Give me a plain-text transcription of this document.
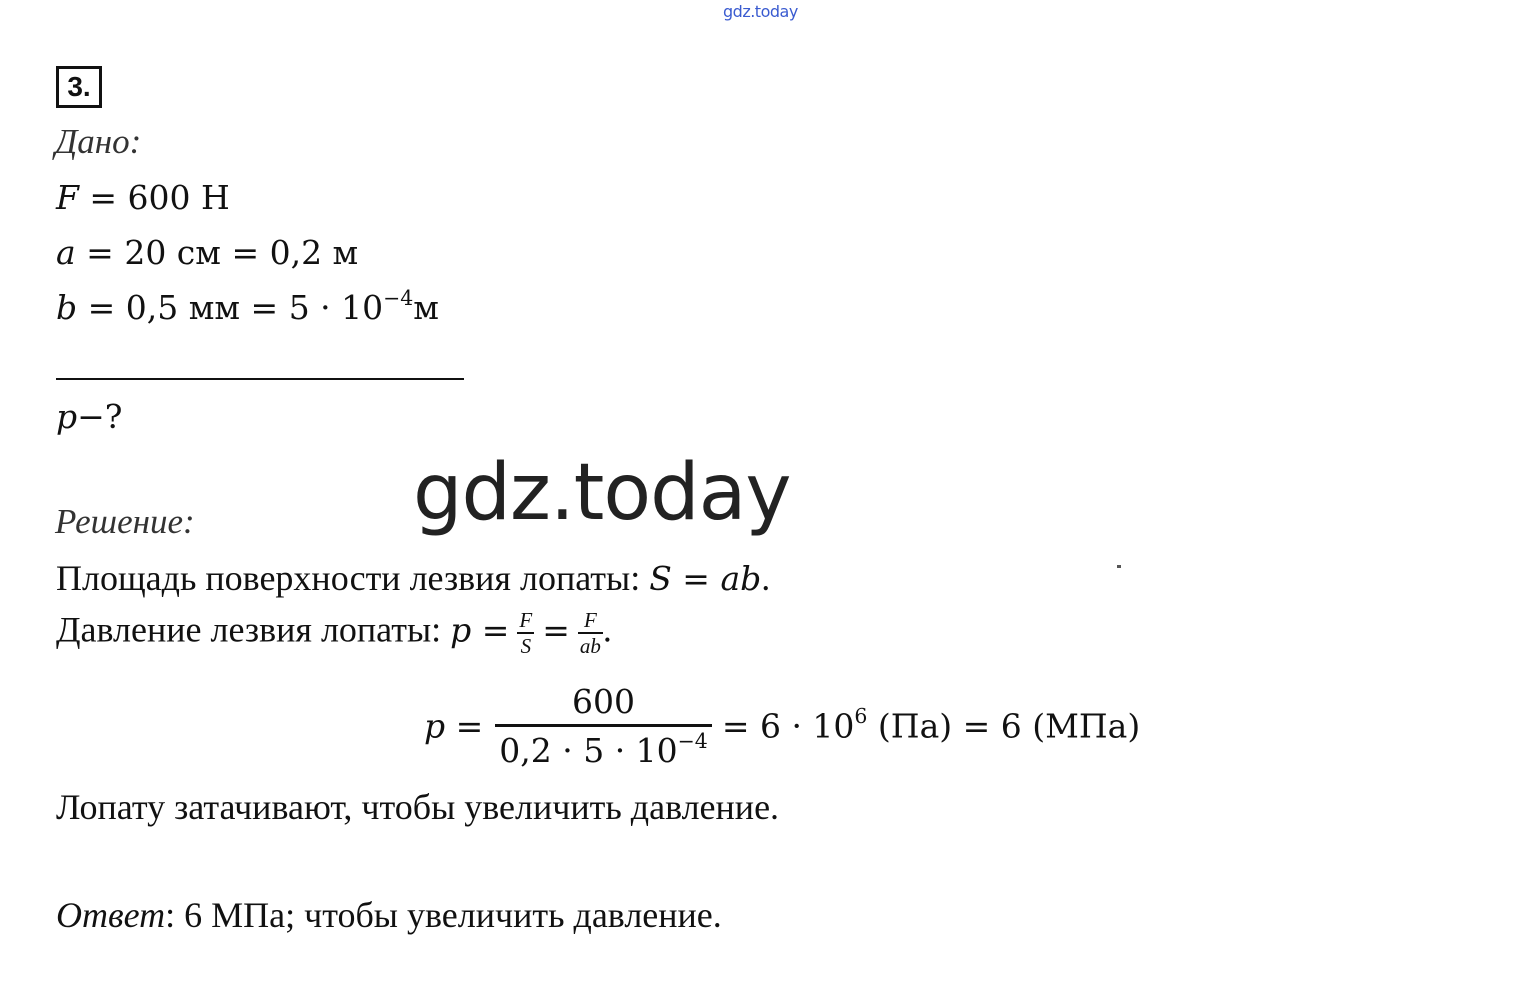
gdz.today
3.
Дано:
F = 600 Н
a = 20 см = 0,2 м
b = 0,5 мм = $5 \cdot 10^{-4}м$
p−?
Решение:	gdz.today
Площадь поверхности лезвия лопаты: S = ab.
Давление лезвия лопаты: $p = \frac{F}{S} = \frac{F}{ab}$ .
$p = \frac{600}{0,2 \cdot 5 \cdot 10^{-4}} = 6 \cdot 10^6$ (Па) = 6 (МПа)
Лопату затачивают, чтобы увеличить давление.
Ответ: 6 МПа; чтобы увеличить давление.
